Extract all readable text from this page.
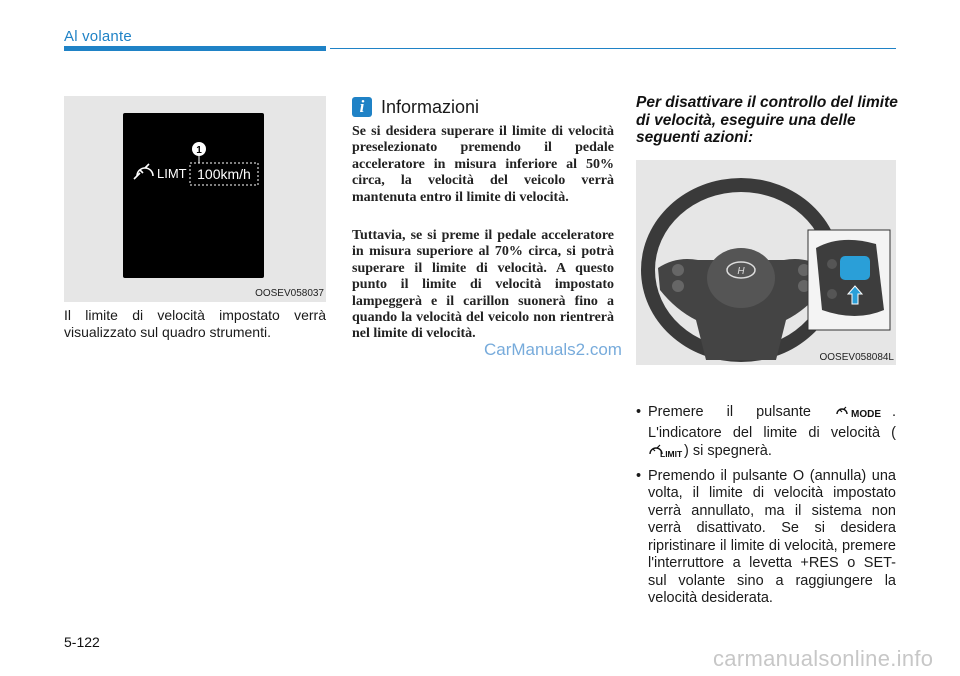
Al volante
LIMT
1
100km/h
OOSEV058037
Il limite di velocità impostato verrà visualizzato sul quadro strumenti.
i Informazioni
Se si desidera superare il limite di velocità preselezionato premendo il pedale acceleratore in misura inferiore al 50% circa, la velocità del veicolo verrà mantenuta entro il limite di velocità.
Tuttavia, se si preme il pedale acceleratore in misura superiore al 70% circa, si potrà superare il limite di velocità. A questo punto il limite di velocità impostato lampeggerà e il carillon suonerà fino a quando la velocità del veicolo non rientrerà nel limite di velocità.
CarManuals2.com
Per disattivare il controllo del limite di velocità, eseguire una delle seguenti azioni:
H
OOSEV058084L
• Premere il pulsante	MODE . L'indicatore del limite di velocità (
LIMIT ) si spegnerà.
• Premendo il pulsante O (annulla) una volta, il limite di velocità impostato verrà annullato, ma il sistema non verrà disattivato. Se si desidera ripristinare il limite di velocità, premere l'interruttore a levetta +RES o SET- sul volante sino a raggiungere la velocità desiderata.
5-122
carmanualsonline.info
